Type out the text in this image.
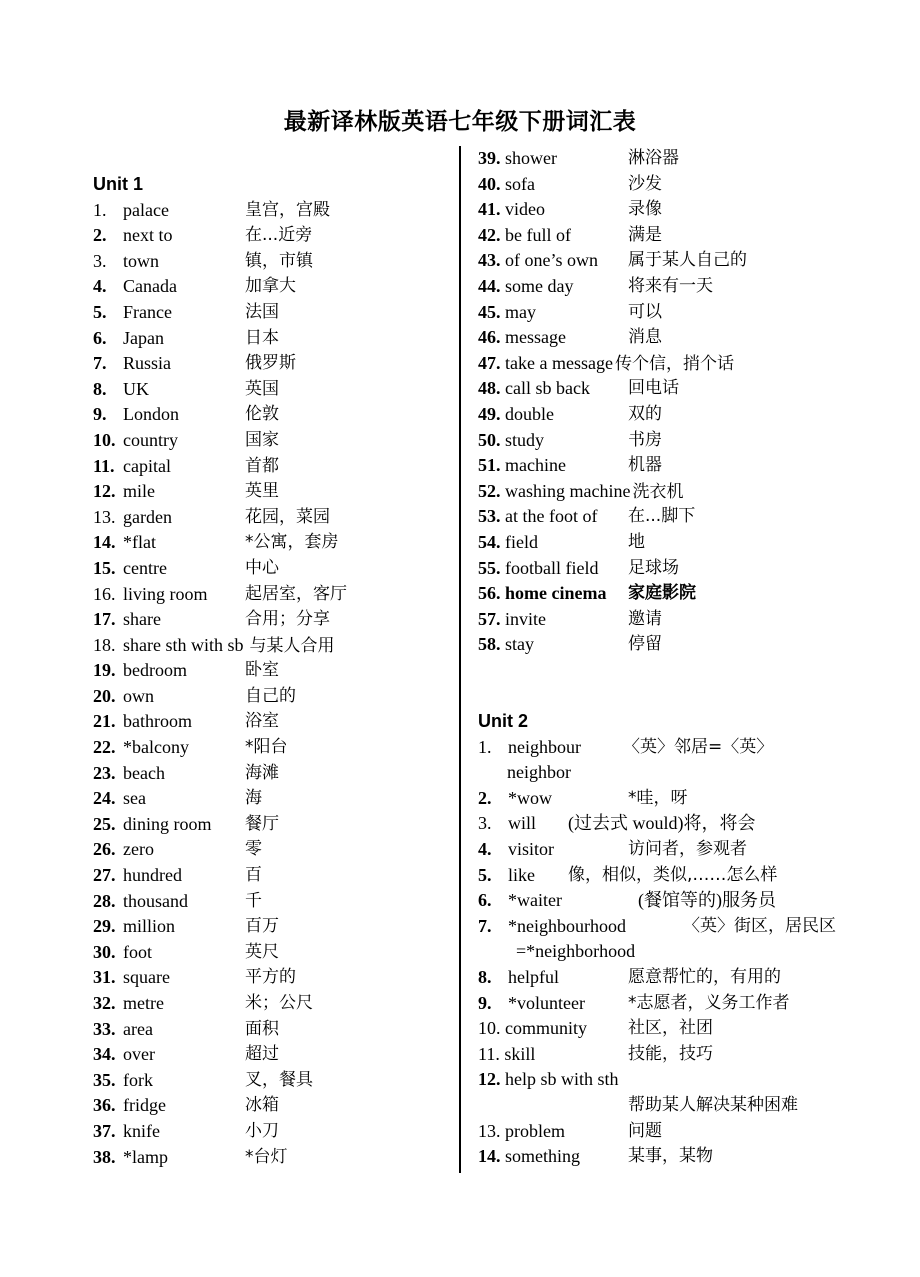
最新译林版英语七年级下册词汇表
Unit 1
1. palace	皇宫，宫殿
2. next to	在...近旁
3. town	镇，市镇
4. Canada	加拿大
5. France	法国
6. Japan	日本
7. Russia	俄罗斯
8. UK	英国
9. London	伦敦
10. country	国家
11. capital	首都
12. mile	英里
13. garden	花园，菜园
14. *flat	*公寓，套房
15. centre	中心
16. living room 起居室，客厅
17. share	合用；分享
18. share sth with sb 与某人合用
19. bedroom	卧室
20. own	自己的
21. bathroom	浴室
22. *balcony	*阳台
23. beach	海滩
24. sea	海
25. dining room 餐厅
26. zero	零
27. hundred	百
28. thousand	千
29. million	百万
30. foot	英尺
31. square	平方的
32. metre	米；公尺
33. area	面积
34. over	超过
35. fork	叉，餐具
36. fridge	冰箱
37. knife	小刀
38. *lamp	*台灯
39. shower	淋浴器
40. sofa	沙发
41. video	录像
42. be full of	满是
43. of one’s own 属于某人自己的
44. some day	将来有一天
45. may	可以
46. message	消息
47. take a message 传个信，捎个话
48. call sb back 回电话
49. double	双的
50. study	书房
51. machine	机器
52. washing machine 洗衣机
53. at the foot of 在...脚下
54. field	地
55. football field 足球场
56. home cinema 家庭影院
57. invite	邀请
58. stay	停留
Unit 2
1. neighbour 〈英〉邻居=〈英〉
neighbor
2. *wow	*哇，呀
3. will (过去式 would)将，将会
4. visitor	访问者，参观者
5. like 像，相似，类似,……怎么样
6. *waiter	(餐馆等的)服务员
7. *neighbourhood	〈英〉街区，居民区
=*neighborhood
8. helpful	愿意帮忙的，有用的
9. *volunteer	*志愿者，义务工作者
10. community 社区，社团
11. skill	技能，技巧
12. help sb with sth
帮助某人解决某种困难
13. problem	问题
14. something	某事，某物
